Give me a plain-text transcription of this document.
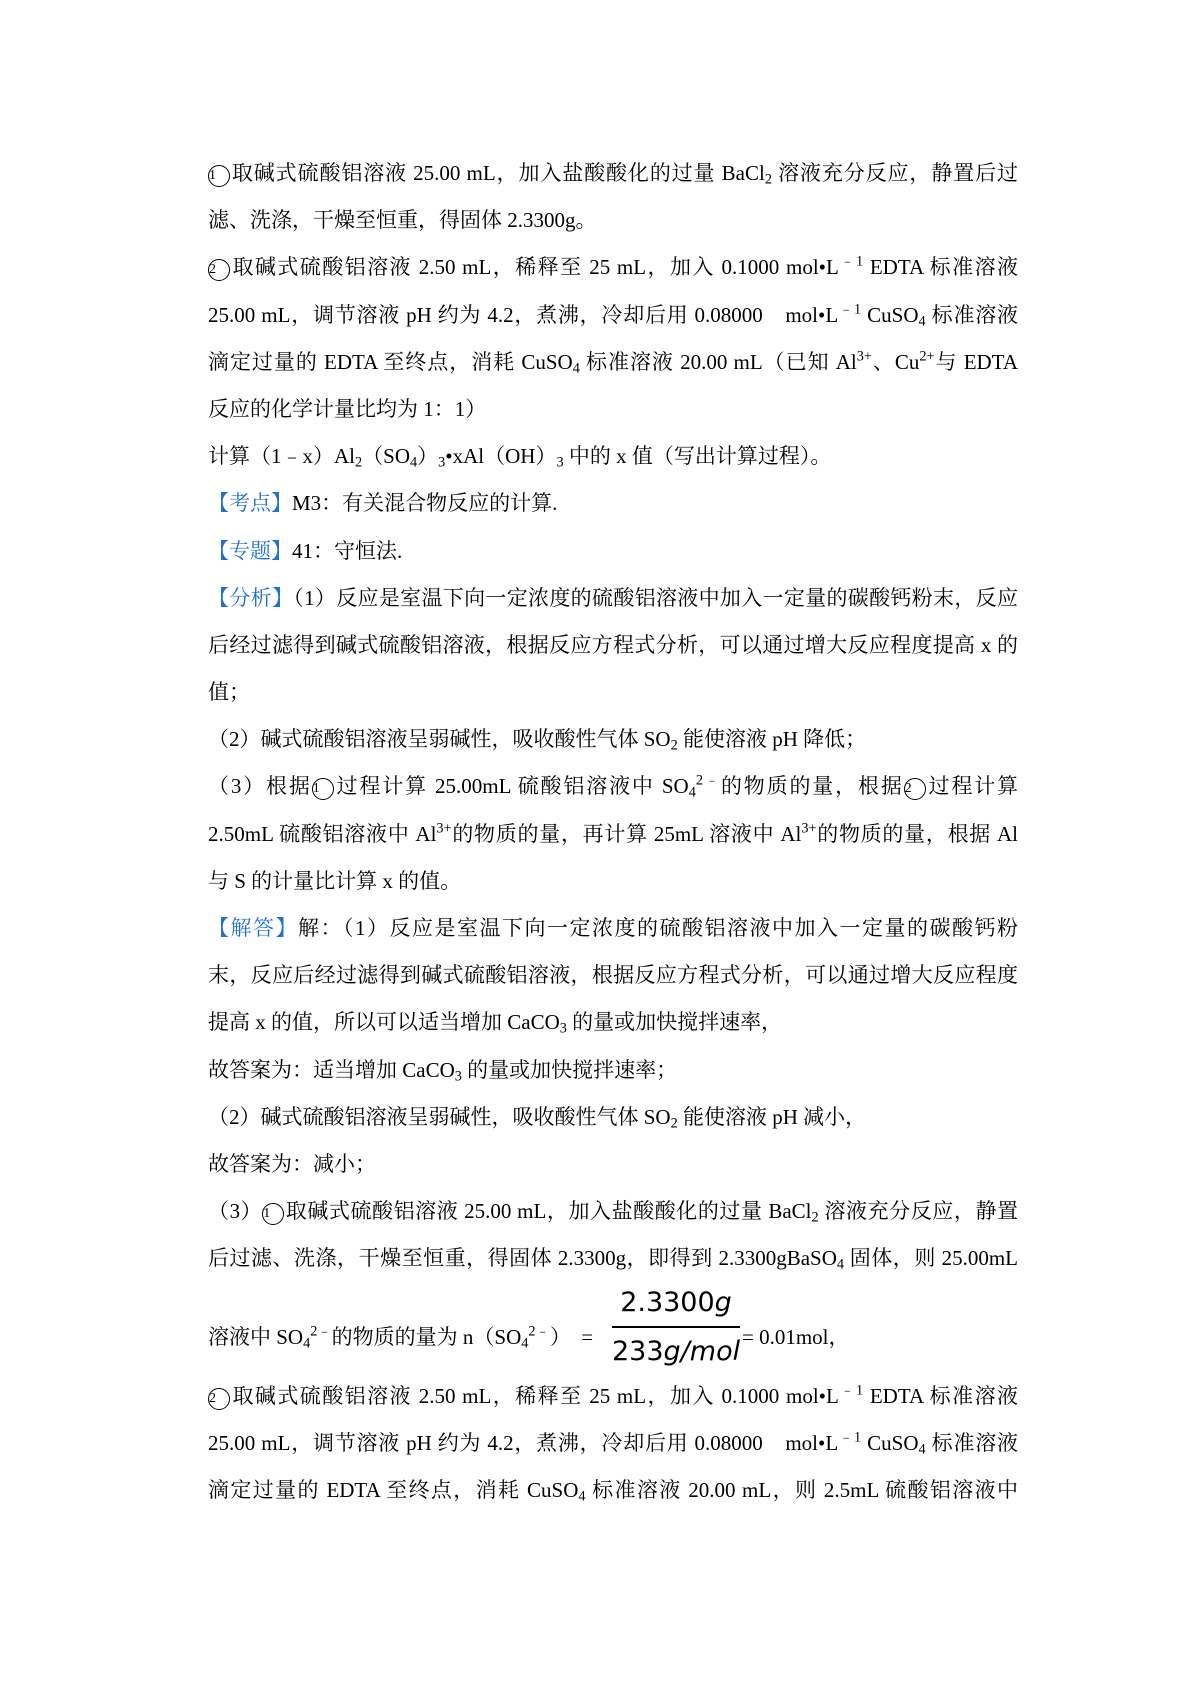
1 取碱式硫酸铝溶液 25.00 mL，加入盐酸酸化的过量 BaCl$_2$ 溶液充分反应，静置后过
滤、洗涤，干燥至恒重，得固体 2.3300g。
2 取碱式硫酸铝溶液 2.50 mL，稀释至 25 mL，加入 0.1000 $mol•L^{﹣1}$ EDTA 标准溶液
25.00 mL，调节溶液 pH 约为 4.2，煮沸，冷却后用 0.08000　$mol•L^{﹣1}$ CuSO$_4$ 标准溶液
滴定过量的 EDTA 至终点，消耗 CuSO$_4$ 标准溶液 20.00 mL（已知 $Al^{3+}$、$Cu^{2+}$与 EDTA
反应的化学计量比均为 1：1）
计算$(1﹣x)Al_2(SO_4)_3•xAl(OH)_3$ 中的 x 值（写出计算过程）。
【考点】M3：有关混合物反应的计算.
【专题】41：守恒法.
【分析】（1）反应是室温下向一定浓度的硫酸铝溶液中加入一定量的碳酸钙粉末，反应
后经过滤得到碱式硫酸铝溶液，根据反应方程式分析，可以通过增大反应程度提高 x 的
值；
（2）碱式硫酸铝溶液呈弱碱性，吸收酸性气体 $SO_2$ 能使溶液 pH 降低；
（3）根据1 过程计算 25.00mL 硫酸铝溶液中 $SO_4^{2﹣}$的物质的量，根据2 过程计算
2.50mL 硫酸铝溶液中 $Al^{3+}$的物质的量，再计算 25mL 溶液中 $Al^{3+}$的物质的量，根据 Al
与 S 的计量比计算 x 的值。
【解答】解：（1）反应是室温下向一定浓度的硫酸铝溶液中加入一定量的碳酸钙粉
末，反应后经过滤得到碱式硫酸铝溶液，根据反应方程式分析，可以通过增大反应程度
提高 x 的值，所以可以适当增加 CaCO$_3$ 的量或加快搅拌速率，
故答案为：适当增加 CaCO$_3$ 的量或加快搅拌速率；
（2）碱式硫酸铝溶液呈弱碱性，吸收酸性气体 $SO_2$ 能使溶液 pH 减小，
故答案为：减小；
（3）1 取碱式硫酸铝溶液 25.00 mL，加入盐酸酸化的过量 BaCl$_2$ 溶液充分反应，静置
后过滤、洗涤，干燥至恒重，得固体 2.3300g，即得到 2.3300gBaSO$_4$ 固体，则 25.00mL
溶液中 $SO_4^{2﹣}$的物质的量为 $n(SO_4^{2﹣})$　=
2.3300g
233g/mol = 0.01mol，
2 取碱式硫酸铝溶液 2.50 mL，稀释至 25 mL，加入 0.1000 $mol•L^{﹣1}$ EDTA 标准溶液
25.00 mL，调节溶液 pH 约为 4.2，煮沸，冷却后用 0.08000　$mol•L^{﹣1}$ CuSO$_4$ 标准溶液
滴定过量的 EDTA 至终点，消耗 CuSO$_4$ 标准溶液 20.00 mL，则 2.5mL 硫酸铝溶液中
